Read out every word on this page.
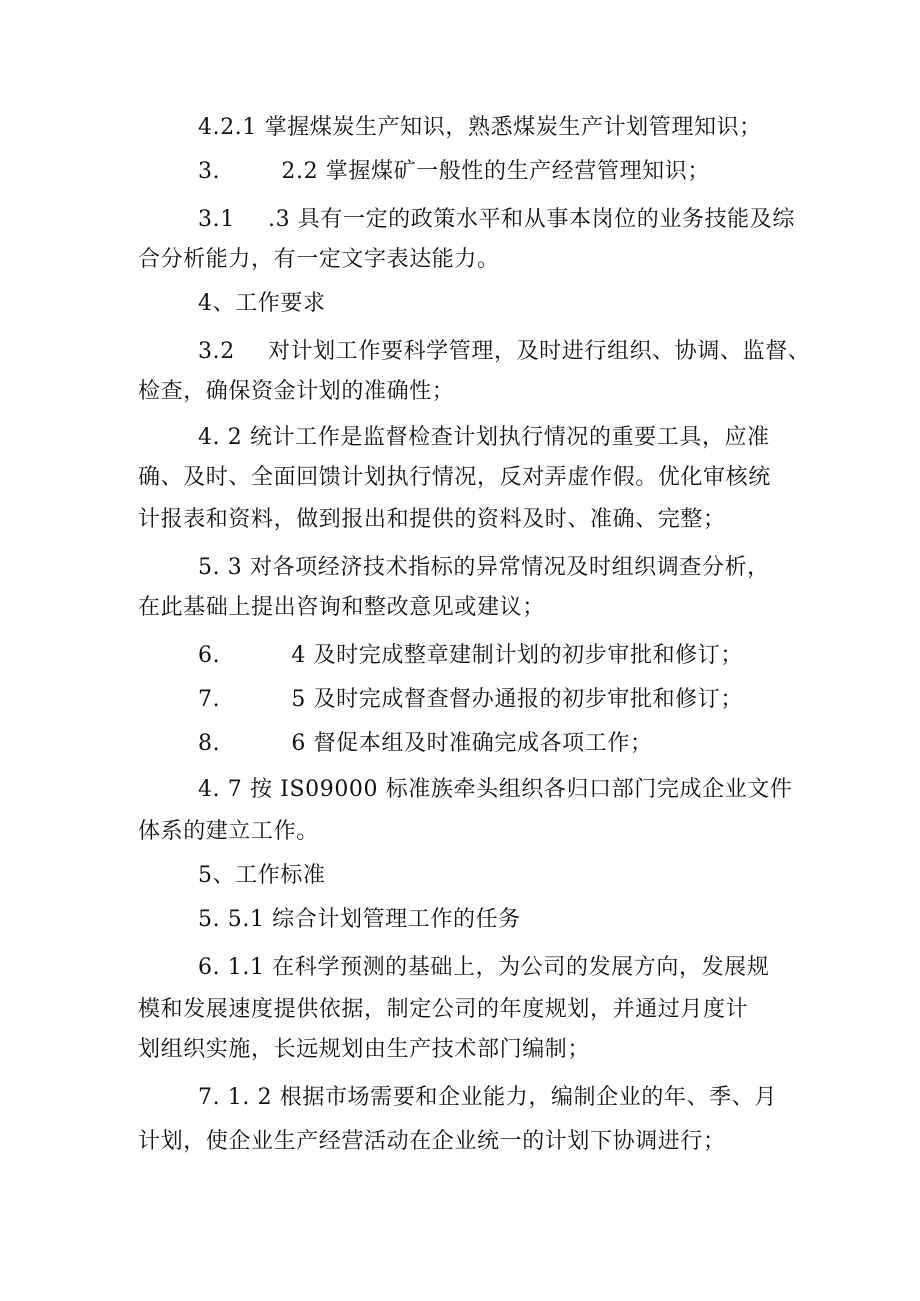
4.2.1 掌握煤炭生产知识，熟悉煤炭生产计划管理知识；
3.	2.2 掌握煤矿一般性的生产经营管理知识；
3.1 .3 具有一定的政策水平和从事本岗位的业务技能及综
合分析能力，有一定文字表达能力。
4、工作要求
3.2 对计划工作要科学管理，及时进行组织、协调、监督、
检查，确保资金计划的准确性；
4. 2 统计工作是监督检查计划执行情况的重要工具，应准
确、及时、全面回馈计划执行情况，反对弄虚作假。优化审核统
计报表和资料，做到报出和提供的资料及时、准确、完整；
5. 3 对各项经济技术指标的异常情况及时组织调查分析，
在此基础上提出咨询和整改意见或建议；
6.	4 及时完成整章建制计划的初步审批和修订；
7.	5 及时完成督查督办通报的初步审批和修订；
8.	6 督促本组及时准确完成各项工作；
4. 7 按 IS09000 标准族牵头组织各归口部门完成企业文件
体系的建立工作。
5、工作标准
5. 5.1 综合计划管理工作的任务
6. 1.1 在科学预测的基础上，为公司的发展方向，发展规
模和发展速度提供依据，制定公司的年度规划，并通过月度计
划组织实施，长远规划由生产技术部门编制；
7. 1. 2 根据市场需要和企业能力，编制企业的年、季、月
计划，使企业生产经营活动在企业统一的计划下协调进行；
